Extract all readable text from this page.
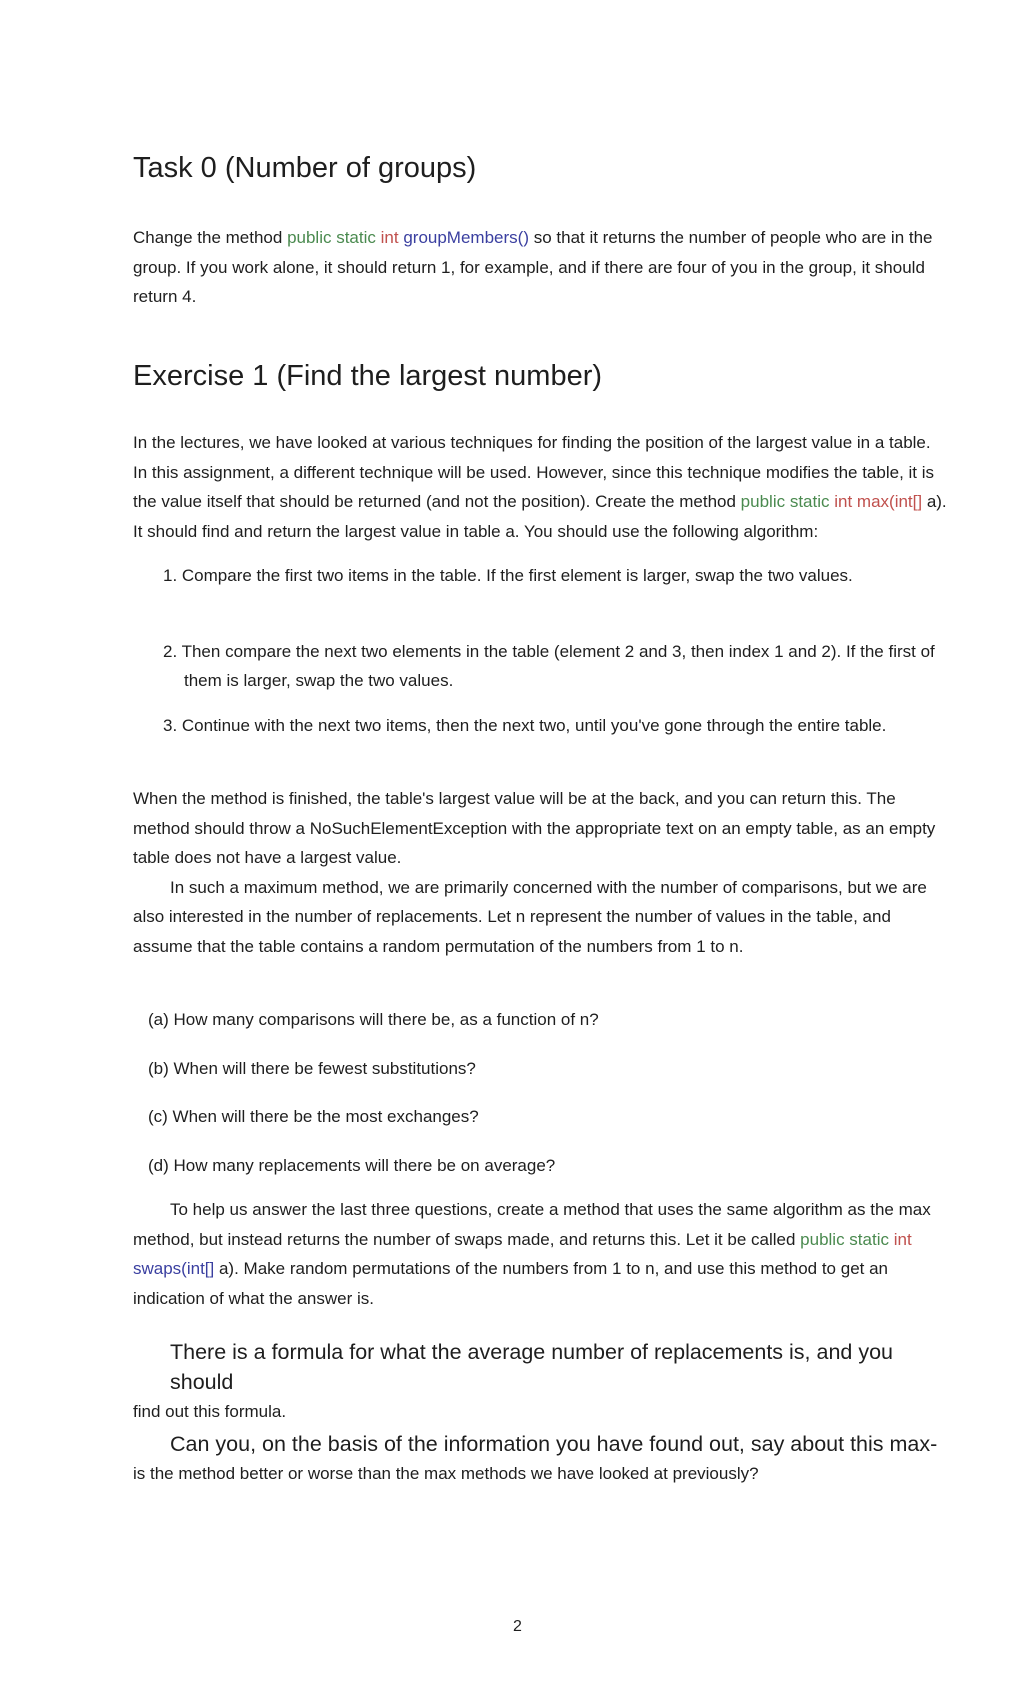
Task 0 (Number of groups)

Change the method public static int groupMembers() so that it returns the number of people who are in the group. If you work alone, it should return 1, for example, and if there are four of you in the group, it should return 4.

Exercise 1 (Find the largest number)

In the lectures, we have looked at various techniques for finding the position of the largest value in a table. In this assignment, a different technique will be used. However, since this technique modifies the table, it is the value itself that should be returned (and not the position). Create the method public static int max(int[] a). It should find and return the largest value in table a. You should use the following algorithm:

1. Compare the first two items in the table. If the first element is larger, swap the two values.
2. Then compare the next two elements in the table (element 2 and 3, then index 1 and 2). If the first of them is larger, swap the two values.
3. Continue with the next two items, then the next two, until you've gone through the entire table.

When the method is finished, the table's largest value will be at the back, and you can return this. The method should throw a NoSuchElementException with the appropriate text on an empty table, as an empty table does not have a largest value.

In such a maximum method, we are primarily concerned with the number of comparisons, but we are also interested in the number of replacements. Let n represent the number of values in the table, and assume that the table contains a random permutation of the numbers from 1 to n.

(a) How many comparisons will there be, as a function of n?
(b) When will there be fewest substitutions?
(c) When will there be the most exchanges?
(d) How many replacements will there be on average?

To help us answer the last three questions, create a method that uses the same algorithm as the max method, but instead returns the number of swaps made, and returns this. Let it be called public static int swaps(int[] a). Make random permutations of the numbers from 1 to n, and use this method to get an indication of what the answer is.

There is a formula for what the average number of replacements is, and you should

find out this formula.

Can you, on the basis of the information you have found out, say about this max-

is the method better or worse than the max methods we have looked at previously?

2
